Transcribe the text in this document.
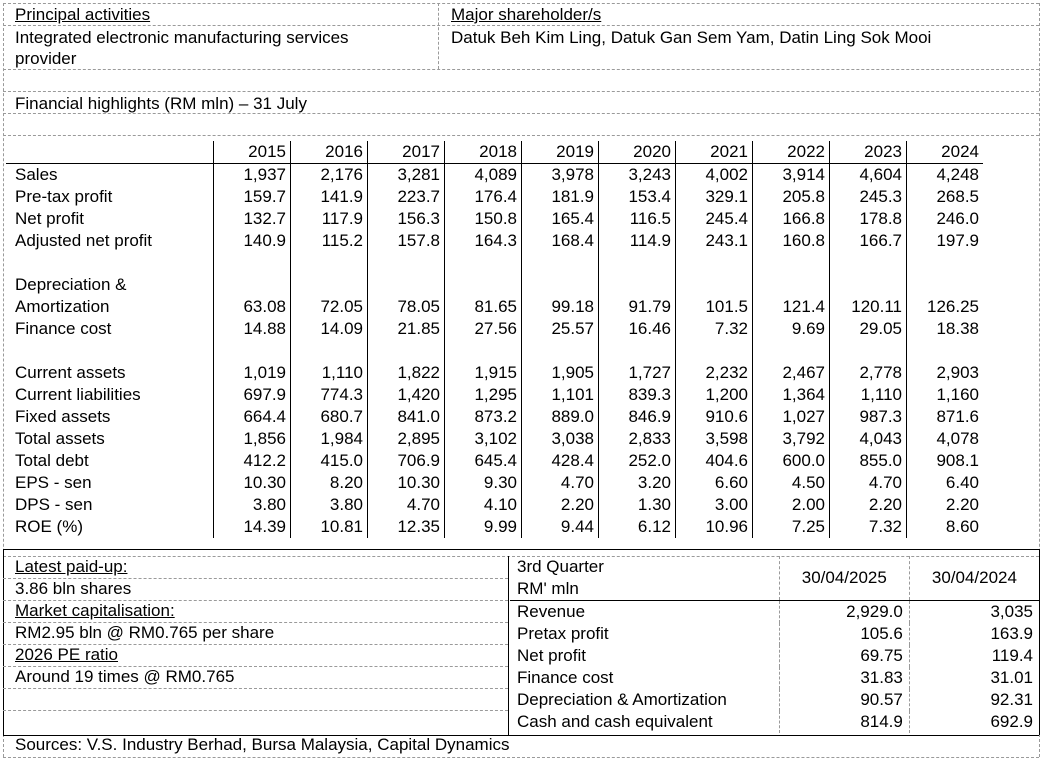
Principal activities
Integrated electronic manufacturing services
provider
Major shareholder/s
Datuk Beh Kim Ling, Datuk Gan Sem Yam, Datin Ling Sok Mooi
Financial highlights (RM mln) – 31 July
	2015	2016	2017	2018	2019	2020	2021	2022	2023	2024
Sales	1,937	2,176	3,281	4,089	3,978	3,243	4,002	3,914	4,604	4,248
Pre-tax profit	159.7	141.9	223.7	176.4	181.9	153.4	329.1	205.8	245.3	268.5
Net profit	132.7	117.9	156.3	150.8	165.4	116.5	245.4	166.8	178.8	246.0
Adjusted net profit	140.9	115.2	157.8	164.3	168.4	114.9	243.1	160.8	166.7	197.9

Depreciation & Amortization	63.08	72.05	78.05	81.65	99.18	91.79	101.5	121.4	120.11	126.25
Finance cost	14.88	14.09	21.85	27.56	25.57	16.46	7.32	9.69	29.05	18.38

Current assets	1,019	1,110	1,822	1,915	1,905	1,727	2,232	2,467	2,778	2,903
Current liabilities	697.9	774.3	1,420	1,295	1,101	839.3	1,200	1,364	1,110	1,160
Fixed assets	664.4	680.7	841.0	873.2	889.0	846.9	910.6	1,027	987.3	871.6
Total assets	1,856	1,984	2,895	3,102	3,038	2,833	3,598	3,792	4,043	4,078
Total debt	412.2	415.0	706.9	645.4	428.4	252.0	404.6	600.0	855.0	908.1
EPS - sen	10.30	8.20	10.30	9.30	4.70	3.20	6.60	4.50	4.70	6.40
DPS - sen	3.80	3.80	4.70	4.10	2.20	1.30	3.00	2.00	2.20	2.20
ROE (%)	14.39	10.81	12.35	9.99	9.44	6.12	10.96	7.25	7.32	8.60
Latest paid-up:
3.86 bln shares
Market capitalisation:
RM2.95 bln @ RM0.765 per share
2026 PE ratio
Around 19 times @ RM0.765
3rd Quarter
RM' mln	30/04/2025	30/04/2024
Revenue	2,929.0	3,035
Pretax profit	105.6	163.9
Net profit	69.75	119.4
Finance cost	31.83	31.01
Depreciation & Amortization	90.57	92.31
Cash and cash equivalent	814.9	692.9
Sources: V.S. Industry Berhad, Bursa Malaysia, Capital Dynamics
